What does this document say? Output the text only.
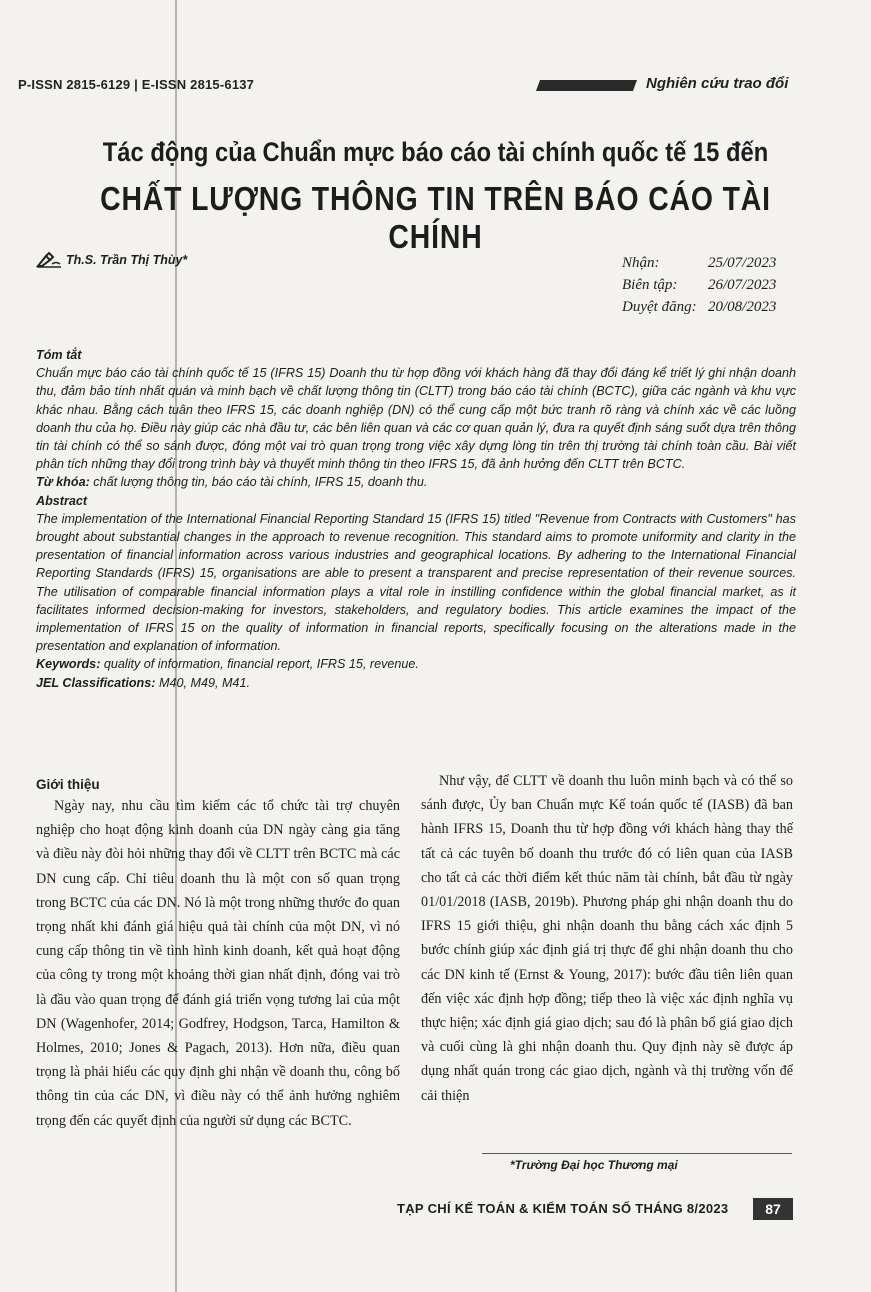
P-ISSN 2815-6129 | E-ISSN 2815-6137	Nghiên cứu trao đổi
Tác động của Chuẩn mực báo cáo tài chính quốc tế 15 đến
CHẤT LƯỢNG THÔNG TIN TRÊN BÁO CÁO TÀI CHÍNH
Th.S. Trần Thị Thùy*	Nhận:	25/07/2023
Biên tập:	26/07/2023
Duyệt đăng: 20/08/2023

Tóm tắt

Chuẩn mực báo cáo tài chính quốc tế 15 (IFRS 15) Doanh thu từ hợp đồng với khách hàng đã thay đổi đáng kể triết lý ghi nhận doanh thu, đảm bảo tính nhất quán và minh bạch về chất lượng thông tin (CLTT) trong báo cáo tài chính (BCTC), giữa các ngành và khu vực khác nhau. Bằng cách tuân theo IFRS 15, các doanh nghiệp (DN) có thể cung cấp một bức tranh rõ ràng và chính xác về các luồng doanh thu của họ. Điều này giúp các nhà đầu tư, các bên liên quan và các cơ quan quản lý, đưa ra quyết định sáng suốt dựa trên thông tin tài chính có thể so sánh được, đóng một vai trò quan trọng trong việc xây dựng lòng tin trên thị trường tài chính toàn cầu. Bài viết phân tích những thay đổi trong trình bày và thuyết minh thông tin theo IFRS 15, đã ảnh hưởng đến CLTT trên BCTC.

Từ khóa: chất lượng thông tin, báo cáo tài chính, IFRS 15, doanh thu.

Abstract

The implementation of the International Financial Reporting Standard 15 (IFRS 15) titled "Revenue from Contracts with Customers" has brought about substantial changes in the approach to revenue recognition. This standard aims to promote uniformity and clarity in the presentation of financial information across various industries and geographical locations. By adhering to the International Financial Reporting Standards (IFRS) 15, organisations are able to present a transparent and precise representation of their revenue sources. The utilisation of comparable financial information plays a vital role in instilling confidence within the global financial market, as it facilitates informed decision-making for investors, stakeholders, and regulatory bodies. This article examines the impact of the implementation of IFRS 15 on the quality of information in financial reports, specifically focusing on the alterations made in the presentation and explanation of information.

Keywords: quality of information, financial report, IFRS 15, revenue.

JEL Classifications: M40, M49, M41.

Giới thiệu

Ngày nay, nhu cầu tìm kiếm các tổ chức tài trợ chuyên nghiệp cho hoạt động kinh doanh của DN ngày càng gia tăng và điều này đòi hỏi những thay đổi về CLTT trên BCTC mà các DN cung cấp. Chỉ tiêu doanh thu là một con số quan trọng trong BCTC của các DN. Nó là một trong những thước đo quan trọng nhất khi đánh giá hiệu quả tài chính của một DN, vì nó cung cấp thông tin về tình hình kinh doanh, kết quả hoạt động của công ty trong một khoảng thời gian nhất định, đóng vai trò là đầu vào quan trọng để đánh giá triển vọng tương lai của một DN (Wagenhofer, 2014; Godfrey, Hodgson, Tarca, Hamilton & Holmes, 2010; Jones & Pagach, 2013). Hơn nữa, điều quan trọng là phải hiểu các quy định ghi nhận về doanh thu, công bố thông tin của các DN, vì điều này có thể ảnh hưởng nghiêm trọng đến các quyết định của người sử dụng các BCTC.

Như vậy, để CLTT về doanh thu luôn minh bạch và có thể so sánh được, Ủy ban Chuẩn mực Kế toán quốc tế (IASB) đã ban hành IFRS 15, Doanh thu từ hợp đồng với khách hàng thay thế tất cả các tuyên bố doanh thu trước đó có liên quan của IASB cho tất cả các thời điểm kết thúc năm tài chính, bắt đầu từ ngày 01/01/2018 (IASB, 2019b). Phương pháp ghi nhận doanh thu do IFRS 15 giới thiệu, ghi nhận doanh thu bằng cách xác định 5 bước chính giúp xác định giá trị thực để ghi nhận doanh thu cho các DN kinh tế (Ernst & Young, 2017): bước đầu tiên liên quan đến việc xác định hợp đồng; tiếp theo là việc xác định nghĩa vụ thực hiện; xác định giá giao dịch; sau đó là phân bổ giá giao dịch và cuối cùng là ghi nhận doanh thu. Quy định này sẽ được áp dụng nhất quán trong các giao dịch, ngành và thị trường vốn để cải thiện

*Trường Đại học Thương mại
TẠP CHÍ KẾ TOÁN & KIỂM TOÁN SỐ THÁNG 8/2023	87
